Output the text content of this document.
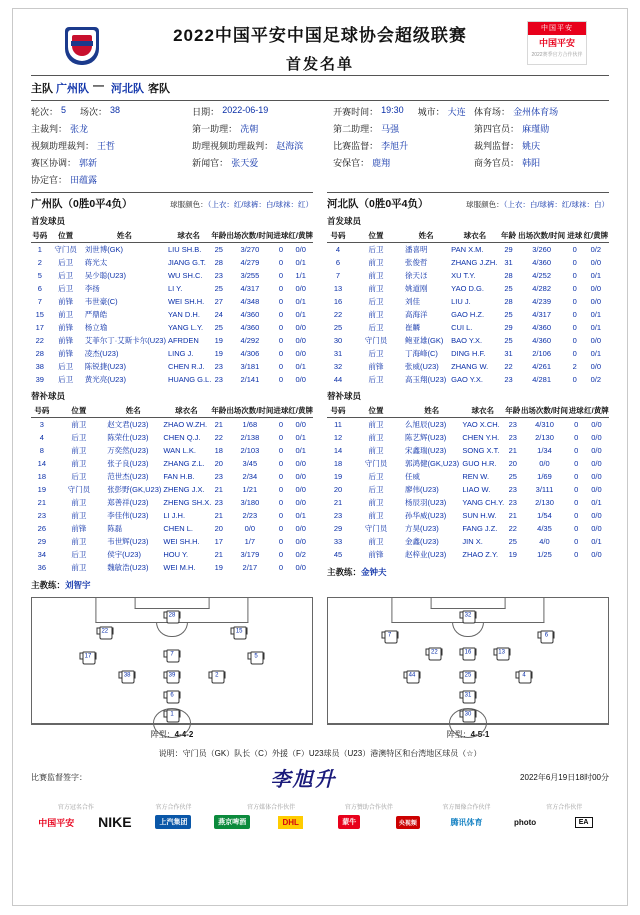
2022中国平安中国足球协会超级联赛
首发名单
中国平安
中国平安
2022赛季官方合作伙伴
主队 广州队 — 河北队 客队
轮次： 5 场次： 38	日期： 2022-06-19	开赛时间： 19:30 城市： 大连 体育场： 金州体育场
主裁判： 张龙	第一助理： 冼朝	第二助理： 马强	第四官员： 麻瑾勋
视频助理裁判： 王哲	助理视频助理裁判： 赵海滨	比赛监督： 李旭升	裁判监督： 姚庆
赛区协调： 郭新	新闻官： 张天爱	安保官： 鹿翔	商务官员： 韩阳
协定官： 田蕴露
广州队（0胜0平4负）	球服颜色：（上衣：红/球裤：白/球袜：红）
首发球员
号码	位置	姓名	球衣名	年龄	出场次数/时间	进球	红/黄牌
1	守门员	刘世博(GK)	LIU SH.B.	25	3/270	0	0/0
2	后卫	蒋光太	JIANG G.T.	28	4/279	0	0/1
5	后卫	吴少聪(U23)	WU SH.C.	23	3/255	0	1/1
6	后卫	李扬	LI Y.	25	4/317	0	0/0
7	前锋	韦世豪(C)	WEI SH.H.	27	4/348	0	0/1
15	前卫	严鼎皓	YAN D.H.	24	4/360	0	0/1
17	前锋	杨立瑜	YANG L.Y.	25	4/360	0	0/0
22	前锋	艾菲尔丁·艾斯卡尔(U23)	AFRDEN	19	4/292	0	0/0
28	前锋	凌杰(U23)	LING J.	19	4/306	0	0/0
38	后卫	陈锐捷(U23)	CHEN R.J.	23	3/181	0	0/1
39	后卫	黄光亮(U23)	HUANG G.L.	23	2/141	0	0/0
替补球员
号码	位置	姓名	球衣名	年龄	出场次数/时间	进球	红/黄牌
3	前卫	赵文君(U23)	ZHAO W.ZH.	21	1/68	0	0/0
4	后卫	陈荣仕(U23)	CHEN Q.J.	22	2/138	0	0/1
8	前卫	万奕然(U23)	WAN L.K.	18	2/103	0	0/1
14	前卫	张子良(U23)	ZHANG Z.L.	20	3/45	0	0/0
18	后卫	范世杰(U23)	FAN H.B.	23	2/34	0	0/0
19	守门员	张彭野(GK,U23)	ZHENG J.X.	21	1/21	0	0/0
21	前卫	郑善祥(U23)	ZHENG SH.X.	23	3/180	0	0/0
23	前卫	李佳伟(U23)	LI J.H.	21	2/23	0	0/1
26	前锋	陈磊	CHEN L.	20	0/0	0	0/0
29	前卫	韦世辉(U23)	WEI SH.H.	17	1/7	0	0/0
34	后卫	侯宇(U23)	HOU Y.	21	3/179	0	0/2
36	前卫	魏敏浩(U23)	WEI M.H.	19	2/17	0	0/0
主教练：刘智宇
河北队（0胜0平4负）	球服颜色：（上衣：白/球裤：红/球袜：白）
首发球员
号码	位置	姓名	球衣名	年龄	出场次数/时间	进球	红/黄牌
4	后卫	潘喜明	PAN X.M.	29	3/260	0	0/2
6	前卫	张俊哲	ZHANG J.ZH.	31	4/360	0	0/0
7	前卫	徐天ほ	XU T.Y.	28	4/252	0	0/1
13	前卫	姚道刚	YAO D.G.	25	4/282	0	0/0
16	后卫	刘佳	LIU J.	28	4/239	0	0/0
22	前卫	高海洋	GAO H.Z.	25	4/317	0	0/1
25	后卫	崔麟	CUI L.	29	4/360	0	0/1
30	守门员	鲍亚雄(GK)	BAO Y.X.	25	4/360	0	0/0
31	后卫	丁海峰(C)	DING H.F.	31	2/106	0	0/1
32	前锋	张威(U23)	ZHANG W.	22	4/261	2	0/0
44	后卫	高玉翔(U23)	GAO Y.X.	23	4/281	0	0/2
替补球员
号码	位置	姓名	球衣名	年龄	出场次数/时间	进球	红/黄牌
11	前卫	么旭辰(U23)	YAO X.CH.	23	4/310	0	0/0
12	前卫	陈艺辉(U23)	CHEN Y.H.	23	2/130	0	0/0
14	前卫	宋鑫瑞(U23)	SONG X.T.	21	1/34	0	0/0
18	守门员	郭鸿健(GK,U23)	GUO H.R.	20	0/0	0	0/0
19	后卫	任威	REN W.	25	1/69	0	0/0
20	后卫	廖伟(U23)	LIAO W.	23	3/111	0	0/0
21	前卫	杨辰羽(U23)	YANG CH.Y.	23	2/130	0	0/1
23	前卫	孙华威(U23)	SUN H.W.	21	1/54	0	0/0
29	守门员	方昊(U23)	FANG J.Z.	22	4/35	0	0/0
33	前卫	金鑫(U23)	JIN X.	25	4/0	0	0/1
45	前锋	赵梓业(U23)	ZHAO Z.Y.	19	1/25	0	0/0
主教练：金钟夫
28
22
17	7	5
15
38	39	2
6
1
阵型：4-4-2
32
7
22	13
6
16
44	25	4
31
30
阵型：4-5-1
说明：守门员（GK）队长（C）外援（F）U23球员（U23）港澳特区和台湾地区球员（☆）
比赛监督签字：	李旭升	2022年6月19日18时00分
官方冠名合作	官方合作伙伴	官方媒体合作伙伴	官方赞助合作伙伴	官方图像合作伙伴	官方合作伙伴
中国平安	NIKE	上汽集团	燕京啤酒	DHL	蒙牛	央视频	腾讯体育	photo	EA
